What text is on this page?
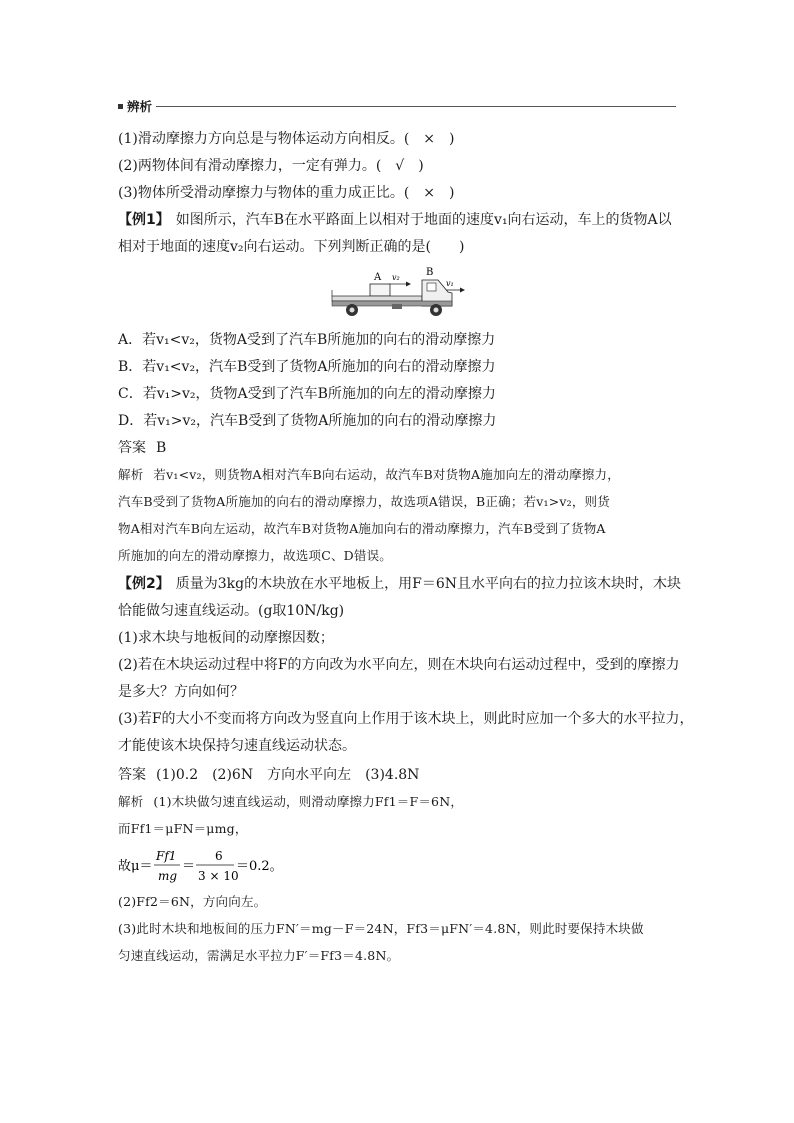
辨析
(1)滑动摩擦力方向总是与物体运动方向相反。( × )
(2)两物体间有滑动摩擦力，一定有弹力。( √ )
(3)物体所受滑动摩擦力与物体的重力成正比。( × )
【例1】 如图所示，汽车B在水平路面上以相对于地面的速度v₁向右运动，车上的货物A以
相对于地面的速度v₂向右运动。下列判断正确的是(　　)
A v₂	B
v₁
A．若v₁<v₂，货物A受到了汽车B所施加的向右的滑动摩擦力
B．若v₁<v₂，汽车B受到了货物A所施加的向右的滑动摩擦力
C．若v₁>v₂，货物A受到了汽车B所施加的向左的滑动摩擦力
D．若v₁>v₂，汽车B受到了货物A所施加的向右的滑动摩擦力
答案 B
解析 若v₁<v₂，则货物A相对汽车B向右运动，故汽车B对货物A施加向左的滑动摩擦力，
汽车B受到了货物A所施加的向右的滑动摩擦力，故选项A错误，B正确；若v₁>v₂，则货
物A相对汽车B向左运动，故汽车B对货物A施加向右的滑动摩擦力，汽车B受到了货物A
所施加的向左的滑动摩擦力，故选项C、D错误。
【例2】 质量为3kg的木块放在水平地板上，用F＝6N且水平向右的拉力拉该木块时，木块
恰能做匀速直线运动。(g取10N/kg)
(1)求木块与地板间的动摩擦因数；
(2)若在木块运动过程中将F的方向改为水平向左，则在木块向右运动过程中，受到的摩擦力
是多大？方向如何？
(3)若F的大小不变而将方向改为竖直向上作用于该木块上，则此时应加一个多大的水平拉力，
才能使该木块保持匀速直线运动状态。
答案 (1)0.2　(2)6N　方向水平向左　(3)4.8N
解析 (1)木块做匀速直线运动，则滑动摩擦力Ff1＝F＝6N，
而Ff1＝μFN＝μmg，
故μ＝
Ff1
mg
＝
6
3 × 10
＝0.2。
(2)Ff2＝6N，方向向左。
(3)此时木块和地板间的压力FN′＝mg－F＝24N，Ff3＝μFN′＝4.8N，则此时要保持木块做
匀速直线运动，需满足水平拉力F′＝Ff3＝4.8N。
